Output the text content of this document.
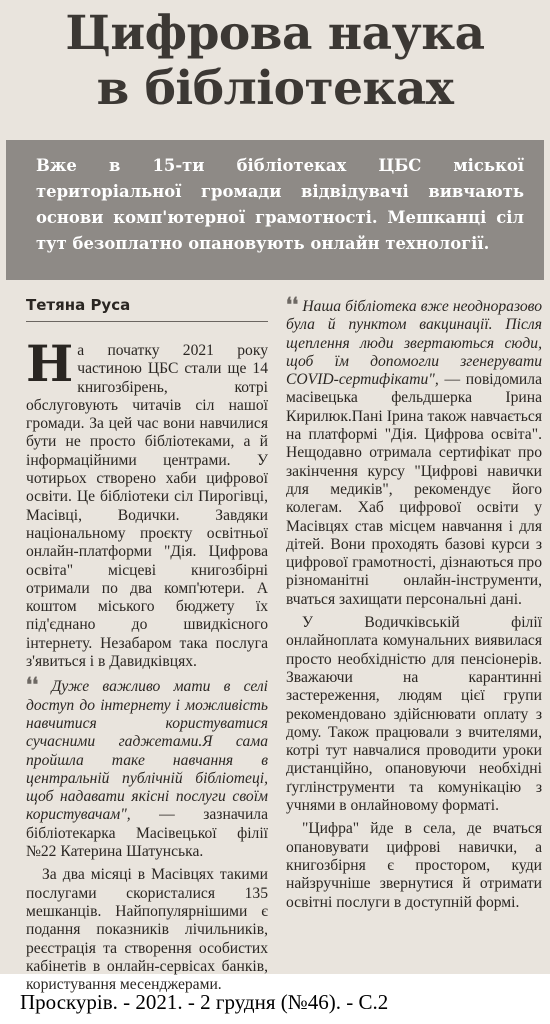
Цифрова наука
в бібліотеках
Вже в 15-ти бібліотеках ЦБС міської територіальної громади відвідувачі вивчають основи комп'ютерної грамотності. Мешканці сіл тут безоплатно опановують онлайн технології.
Тетяна Руса

На початку 2021 року частиною ЦБС стали ще 14 книгозбірень, котрі обслуговують читачів сіл нашої громади. За цей час вони навчилися бути не просто бібліотеками, а й інформаційними центрами. У чотирьох створено хаби цифрової освіти. Це бібліотеки сіл Пирогівці, Масівці, Водички. Завдяки національному проєкту освітньої онлайн-платформи "Дія. Цифрова освіта" місцеві книгозбірні отримали по два комп'ютери. А коштом міського бюджету їх під'єднано до швидкісного інтернету. Незабаром така послуга з'явиться і в Давидківцях.

❛❛ Дуже важливо мати в селі доступ до інтернету і можливість навчитися користуватися сучасними гаджетами.Я сама пройшла таке навчання в центральній публічній бібліотеці, щоб надавати якісні послуги своїм користувачам", — зазначила бібліотекарка Масівецької філії №22 Катерина Шатунська.

За два місяці в Масівцях такими послугами скористалися 135 мешканців. Найпопулярнішими є подання показників лічильників, реєстрація та створення особистих кабінетів в онлайн-сервісах банків, користування месенджерами.

❛❛ Наша бібліотека вже неодноразово була й пунктом вакцинації. Після щеплення люди звертаються сюди, щоб їм допомогли згенерувати COVID-сертифікати", — повідомила масівецька фельдшерка Ірина Кирилюк.Пані Ірина також навчається на платформі "Дія. Цифрова освіта". Нещодавно отримала сертифікат про закінчення курсу "Цифрові навички для медиків", рекомендує його колегам. Хаб цифрової освіти у Масівцях став місцем навчання і для дітей. Вони проходять базові курси з цифрової грамотності, дізнаються про різноманітні онлайн-інструменти, вчаться захищати персональні дані.

У Водичківській філії онлайноплата комунальних виявилася просто необхідністю для пенсіонерів. Зважаючи на карантинні застереження, людям цієї групи рекомендовано здійснювати оплату з дому. Також працювали з вчителями, котрі тут навчалися проводити уроки дистанційно, опановуючи необхідні ґуглінструменти та комунікацію з учнями в онлайновому форматі.

"Цифра" йде в села, де вчаться опановувати цифрові навички, а книгозбірня є простором, куди найзручніше звернутися й отримати освітні послуги в доступній формі.

Проскурів. - 2021. - 2 грудня (№46). - С.2
